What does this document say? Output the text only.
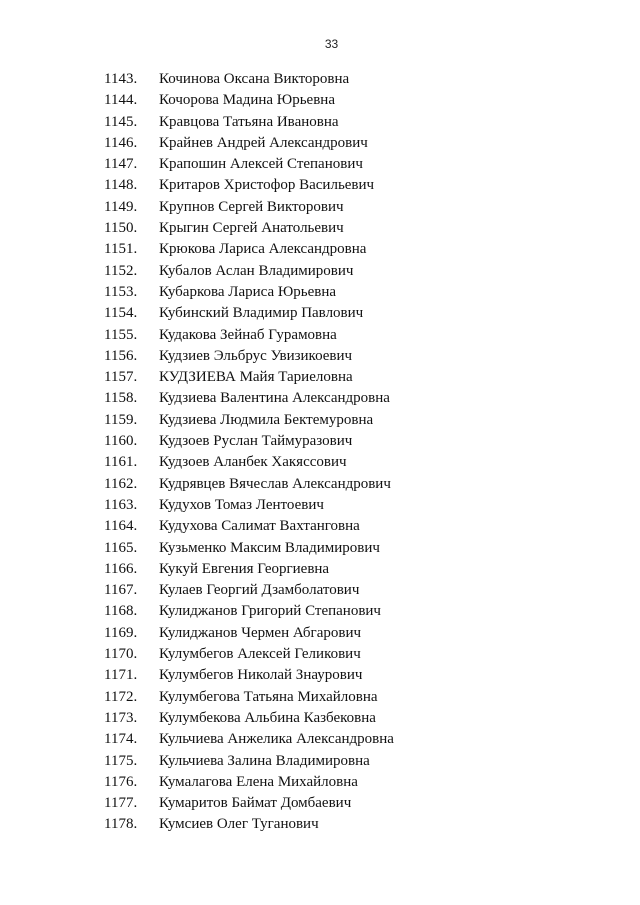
33
1143.	Кочинова Оксана Викторовна
1144.	Кочорова Мадина Юрьевна
1145.	Кравцова Татьяна Ивановна
1146.	Крайнев Андрей Александрович
1147.	Крапошин Алексей Степанович
1148.	Критаров Христофор Васильевич
1149.	Крупнов Сергей Викторович
1150.	Крыгин Сергей Анатольевич
1151.	Крюкова Лариса Александровна
1152.	Кубалов Аслан Владимирович
1153.	Кубаркова Лариса Юрьевна
1154.	Кубинский Владимир Павлович
1155.	Кудакова Зейнаб Гурамовна
1156.	Кудзиев Эльбрус Увизикоевич
1157.	КУДЗИЕВА Майя Тариеловна
1158.	Кудзиева Валентина Александровна
1159.	Кудзиева Людмила Бектемуровна
1160.	Кудзоев Руслан Таймуразович
1161.	Кудзоев Аланбек Хакяссович
1162.	Кудрявцев Вячеслав Александрович
1163.	Кудухов Томаз Лентоевич
1164.	Кудухова Салимат Вахтанговна
1165.	Кузьменко Максим Владимирович
1166.	Кукуй Евгения Георгиевна
1167.	Кулаев Георгий Дзамболатович
1168.	Кулиджанов Григорий Степанович
1169.	Кулиджанов Чермен Абгарович
1170.	Кулумбегов Алексей Геликович
1171.	Кулумбегов Николай Знаурович
1172.	Кулумбегова Татьяна Михайловна
1173.	Кулумбекова Альбина Казбековна
1174.	Кульчиева Анжелика Александровна
1175.	Кульчиева Залина Владимировна
1176.	Кумалагова Елена Михайловна
1177.	Кумаритов Баймат Домбаевич
1178.	Кумсиев Олег Туганович
